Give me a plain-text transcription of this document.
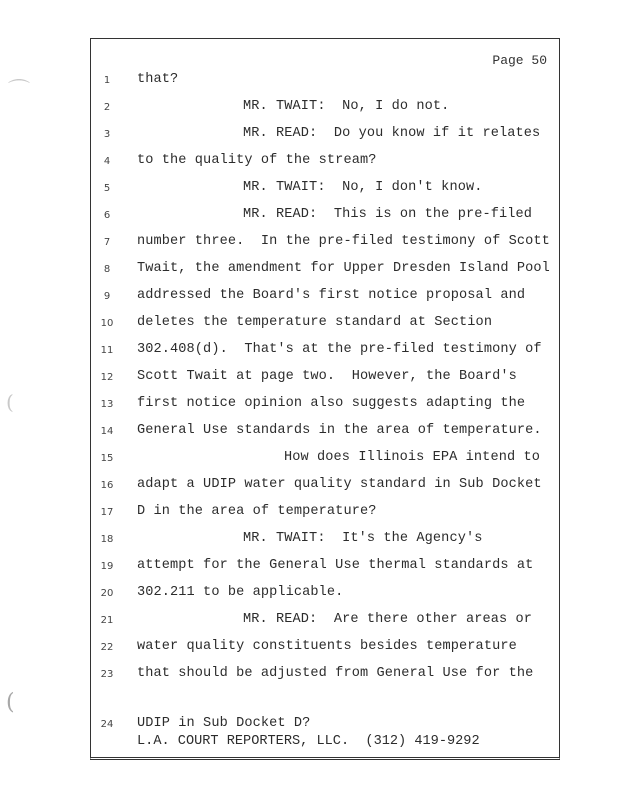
Page 50
⌒
(
(
1	that?
2	MR. TWAIT:  No, I do not.
3	MR. READ:  Do you know if it relates
4	to the quality of the stream?
5	MR. TWAIT:  No, I don't know.
6	MR. READ:  This is on the pre-filed
7	number three.  In the pre-filed testimony of Scott
8	Twait, the amendment for Upper Dresden Island Pool
9	addressed the Board's first notice proposal and
10 deletes the temperature standard at Section
11 302.408(d).  That's at the pre-filed testimony of
12 Scott Twait at page two.  However, the Board's
13 first notice opinion also suggests adapting the
14 General Use standards in the area of temperature.
15	How does Illinois EPA intend to
16 adapt a UDIP water quality standard in Sub Docket
17 D in the area of temperature?
18	MR. TWAIT:  It's the Agency's
19 attempt for the General Use thermal standards at
20 302.211 to be applicable.
21	MR. READ:  Are there other areas or
22 water quality constituents besides temperature
23 that should be adjusted from General Use for the
24 UDIP in Sub Docket D?
L.A. COURT REPORTERS, LLC.  (312) 419-9292
